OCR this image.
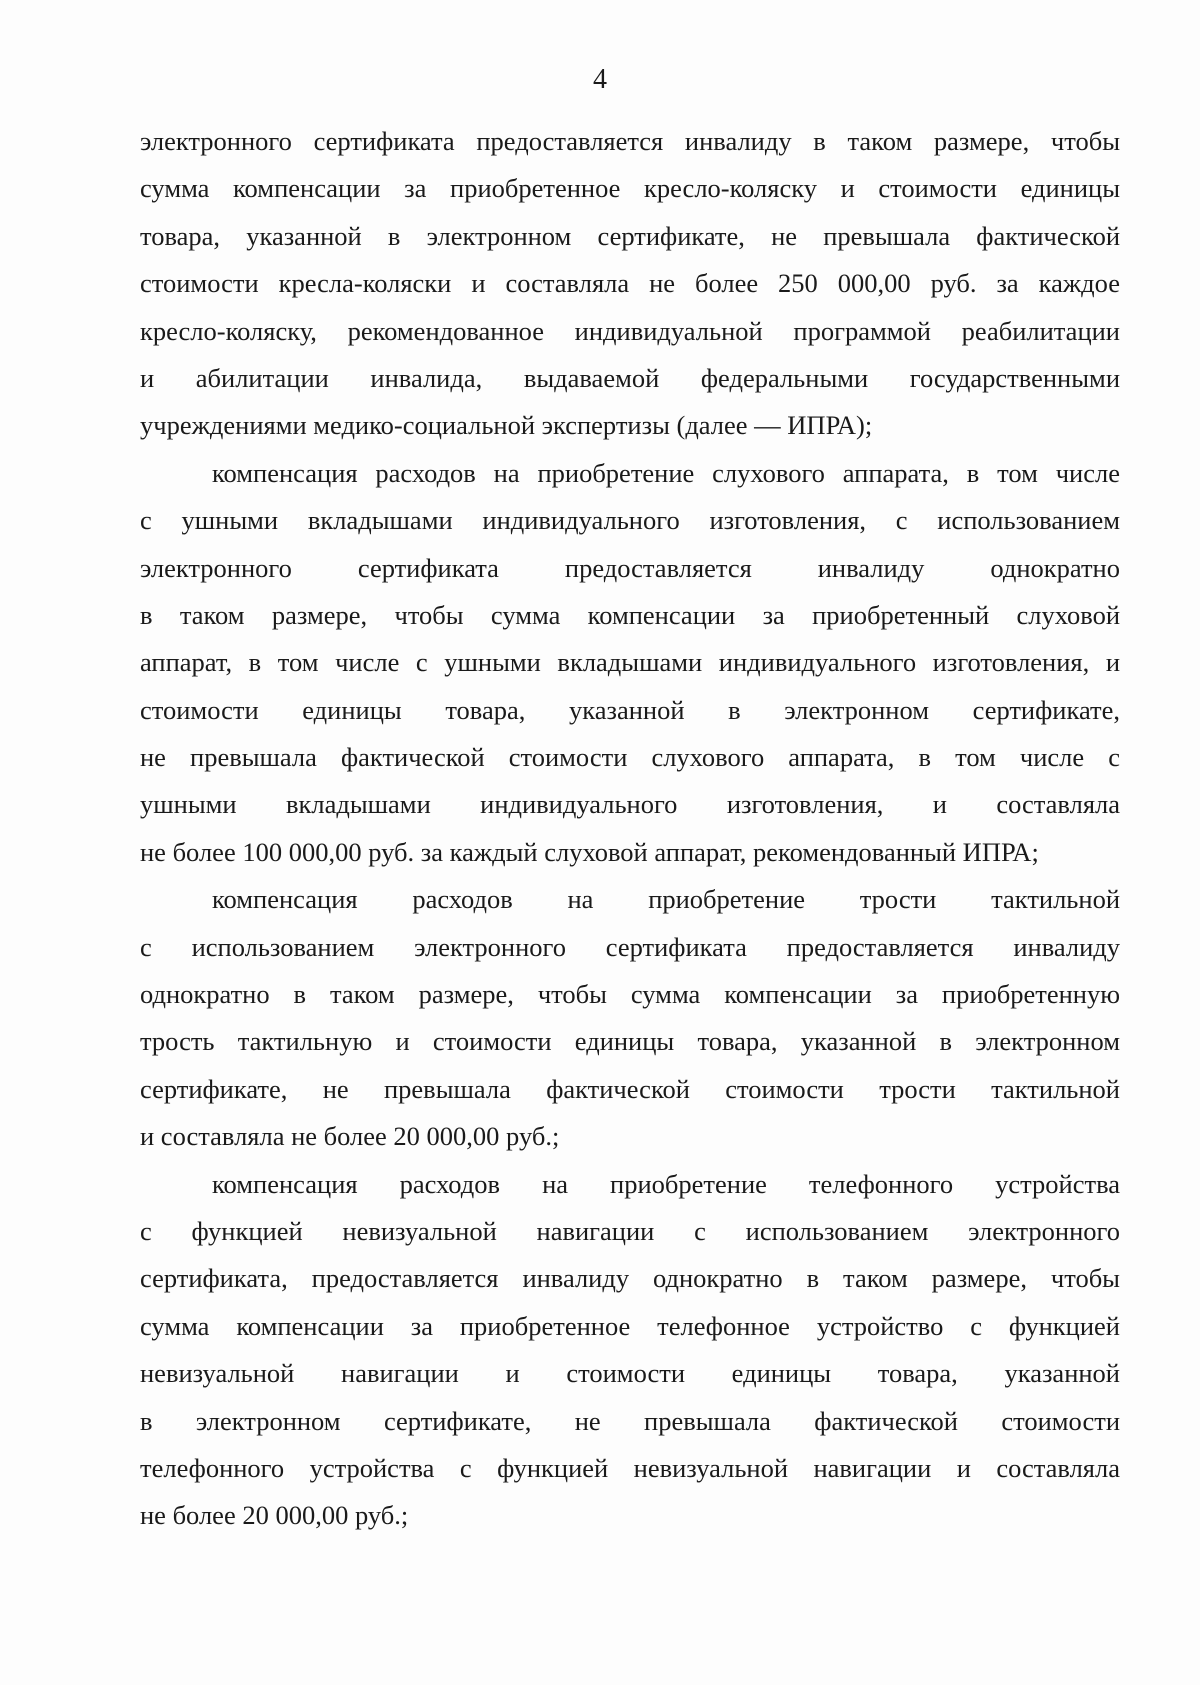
4
электронного сертификата предоставляется инвалиду в таком размере, чтобы
сумма компенсации за приобретенное кресло-коляску и стоимости единицы
товара, указанной в электронном сертификате, не превышала фактической
стоимости кресла-коляски и составляла не более 250 000,00 руб. за каждое
кресло-коляску, рекомендованное индивидуальной программой реабилитации
и абилитации инвалида, выдаваемой федеральными государственными
учреждениями медико-социальной экспертизы (далее — ИПРА);
компенсация расходов на приобретение слухового аппарата, в том числе
с ушными вкладышами индивидуального изготовления, с использованием
электронного сертификата предоставляется инвалиду однократно
в таком размере, чтобы сумма компенсации за приобретенный слуховой
аппарат, в том числе с ушными вкладышами индивидуального изготовления, и
стоимости единицы товара, указанной в электронном сертификате,
не превышала фактической стоимости слухового аппарата, в том числе с
ушными вкладышами индивидуального изготовления, и составляла
не более 100 000,00 руб. за каждый слуховой аппарат, рекомендованный ИПРА;
компенсация расходов на приобретение трости тактильной
с использованием электронного сертификата предоставляется инвалиду
однократно в таком размере, чтобы сумма компенсации за приобретенную
трость тактильную и стоимости единицы товара, указанной в электронном
сертификате, не превышала фактической стоимости трости тактильной
и составляла не более 20 000,00 руб.;
компенсация расходов на приобретение телефонного устройства
с функцией невизуальной навигации с использованием электронного
сертификата, предоставляется инвалиду однократно в таком размере, чтобы
сумма компенсации за приобретенное телефонное устройство с функцией
невизуальной навигации и стоимости единицы товара, указанной
в электронном сертификате, не превышала фактической стоимости
телефонного устройства с функцией невизуальной навигации и составляла
не более 20 000,00 руб.;
